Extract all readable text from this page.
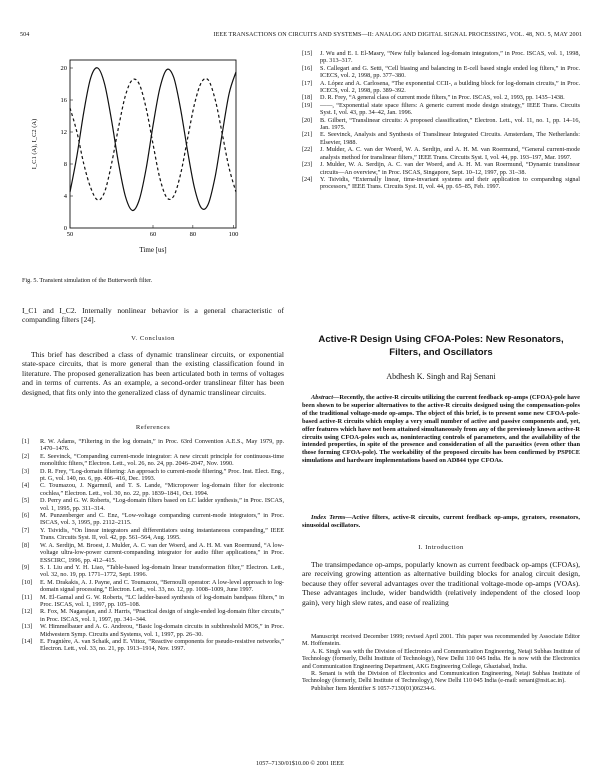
504	IEEE TRANSACTIONS ON CIRCUITS AND SYSTEMS—II: ANALOG AND DIGITAL SIGNAL PROCESSING, VOL. 48, NO. 5, MAY 2001
50	60	80	100
0
4
8
12
16
20
Time [us]
I_C1 (A), I_C2 (A)
Fig. 5. Transient simulation of the Butterworth filter.
I_C1 and I_C2. Internally nonlinear behavior is a general characteristic of companding filters [24].
V. Conclusion
This brief has described a class of dynamic translinear circuits, or exponential state-space circuits, that is more general than the existing classification found in literature. The proposed generalization has been articulated both in terms of voltages and in terms of currents. As an example, a second-order translinear filter has been designed, that fits only into the generalized class of dynamic translinear circuits.
References
[1]	R. W. Adams, “Filtering in the log domain,” in Proc. 63rd Convention A.E.S., May 1979, pp. 1470–1476.
[2]	E. Seevinck, “Companding current-mode integrator: A new circuit principle for continuous-time monolithic filters,” Electron. Lett., vol. 26, no. 24, pp. 2046–2047, Nov. 1990.
[3]	D. R. Frey, “Log-domain filtering: An approach to current-mode filtering,” Proc. Inst. Elect. Eng., pt. G, vol. 140, no. 6, pp. 406–416, Dec. 1993.
[4]	C. Toumazou, J. Ngarmnil, and T. S. Lande, “Micropower log-domain filter for electronic cochlea,” Electron. Lett., vol. 30, no. 22, pp. 1839–1841, Oct. 1994.
[5]	D. Perry and G. W. Roberts, “Log-domain filters based on LC ladder synthesis,” in Proc. ISCAS, vol. 1, 1995, pp. 311–314.
[6]	M. Punzenberger and C. Enz, “Low-voltage companding current-mode integrators,” in Proc. ISCAS, vol. 3, 1995, pp. 2112–2115.
[7]	Y. Tsividis, “On linear integrators and differentiators using instantaneous companding,” IEEE Trans. Circuits Syst. II, vol. 42, pp. 561–564, Aug. 1995.
[8]	W. A. Serdijn, M. Broest, J. Mulder, A. C. van der Woerd, and A. H. M. van Roermund, “A low-voltage ultra-low-power current-companding integrator for audio filter applications,” in Proc. ESSCIRC, 1996, pp. 412–415.
[9]	S. I. Liu and Y. H. Liao, “Table-based log-domain linear transformation filter,” Electron. Lett., vol. 32, no. 19, pp. 1771–1772, Sept. 1996.
[10]	E. M. Drakakis, A. J. Payne, and C. Toumazou, “Bernoulli operator: A low-level approach to log-domain signal processing,” Electron. Lett., vol. 33, no. 12, pp. 1008–1009, June 1997.
[11]	M. El-Gamal and G. W. Roberts, “LC ladder-based synthesis of log-domain bandpass filters,” in Proc. ISCAS, vol. 1, 1997, pp. 105–108.
[12]	R. Fox, M. Nagarajan, and J. Harris, “Practical design of single-ended log-domain filter circuits,” in Proc. ISCAS, vol. 1, 1997, pp. 341–344.
[13]	W. Himmelbauer and A. G. Andreou, “Basic log-domain circuits in subthreshold MOS,” in Proc. Midwestern Symp. Circuits and Systems, vol. 1, 1997, pp. 26–30.
[14]	E. Fragnière, A. van Schaik, and E. Vittoz, “Reactive components for pseudo-resistive networks,” Electron. Lett., vol. 33, no. 21, pp. 1913–1914, Nov. 1997.
[15]	J. Wu and E. I. El-Masry, “New fully balanced log-domain integrators,” in Proc. ISCAS, vol. 1, 1998, pp. 313–317.
[16]	S. Callegari and G. Setti, “Cell biasing and balancing in E-cell based single ended log filters,” in Proc. ICECS, vol. 2, 1998, pp. 377–380.
[17]	A. López and A. Carlosena, “The exponential CCII-, a building block for log-domain circuits,” in Proc. ICECS, vol. 2, 1998, pp. 389–392.
[18]	D. R. Frey, “A general class of current mode filters,” in Proc. ISCAS, vol. 2, 1993, pp. 1435–1438.
[19]	——, “Exponential state space filters: A generic current mode design strategy,” IEEE Trans. Circuits Syst. I, vol. 43, pp. 34–42, Jan. 1996.
[20]	B. Gilbert, “Translinear circuits: A proposed classification,” Electron. Lett., vol. 11, no. 1, pp. 14–16, Jan. 1975.
[21]	E. Seevinck, Analysis and Synthesis of Translinear Integrated Circuits. Amsterdam, The Netherlands: Elsevier, 1988.
[22]	J. Mulder, A. C. van der Woerd, W. A. Serdijn, and A. H. M. van Roermund, “General current-mode analysis method for translinear filters,” IEEE Trans. Circuits Syst. I, vol. 44, pp. 193–197, Mar. 1997.
[23]	J. Mulder, W. A. Serdijn, A. C. van der Woerd, and A. H. M. van Roermund, “Dynamic translinear circuits—An overview,” in Proc. ISCAS, Singapore, Sept. 10–12, 1997, pp. 31–38.
[24]	Y. Tsividis, “Externally linear, time-invariant systems and their application to companding signal processors,” IEEE Trans. Circuits Syst. II, vol. 44, pp. 65–85, Feb. 1997.
Active-R Design Using CFOA-Poles: New Resonators,
Filters, and Oscillators
Abdhesh K. Singh and Raj Senani
Abstract—Recently, the active-R circuits utilizing the current feedback op-amps (CFOA)-pole have been shown to be superior alternatives to the active-R circuits designed using the compensation-poles of the traditional voltage-mode op-amps. The object of this brief, is to present some new CFOA-pole-based active-R circuits which employ a very small number of active and passive components and, yet, offer features which have not been attained simultaneously from any of the previously known active-R circuits using CFOA-poles such as, noninteracting controls of parameters, and the availability of the intended properties, in spite of the presence and consideration of all the parasitics (even other than those forming CFOA-pole). The workability of the proposed circuits has been confirmed by PSPICE simulations and hardware implementations based on AD844 type CFOAs.
Index Terms—Active filters, active-R circuits, current feedback op-amps, gyrators, resonators, sinusoidal oscillators.
I. Introduction
The transimpedance op-amps, popularly known as current feedback op-amps (CFOAs), are receiving growing attention as alternative building blocks for analog circuit design, because they offer several advantages over the traditional voltage-mode op-amps (VOAs). These advantages include, wider bandwidth (relatively independent of the closed loop gain), very high slew rates, and ease of realizing
Manuscript received December 1999; revised April 2001. This paper was recommended by Associate Editor M. Hoffenstein.
A. K. Singh was with the Division of Electronics and Communication Engineering, Netaji Subhas Institute of Technology (formerly, Delhi Institute of Technology), New Delhi 110 045 India. He is now with the Electronics and Communication Engineering Department, AKG Engineering College, Ghaziabad, India.
R. Senani is with the Division of Electronics and Communication Engineering, Netaji Subhas Institute of Technology (formerly, Delhi Institute of Technology), New Delhi 110 045 India (e-mail: senani@nsit.ac.in).
Publisher Item Identifier S 1057-7130(01)06234-6.
1057–7130/01$10.00 © 2001 IEEE
